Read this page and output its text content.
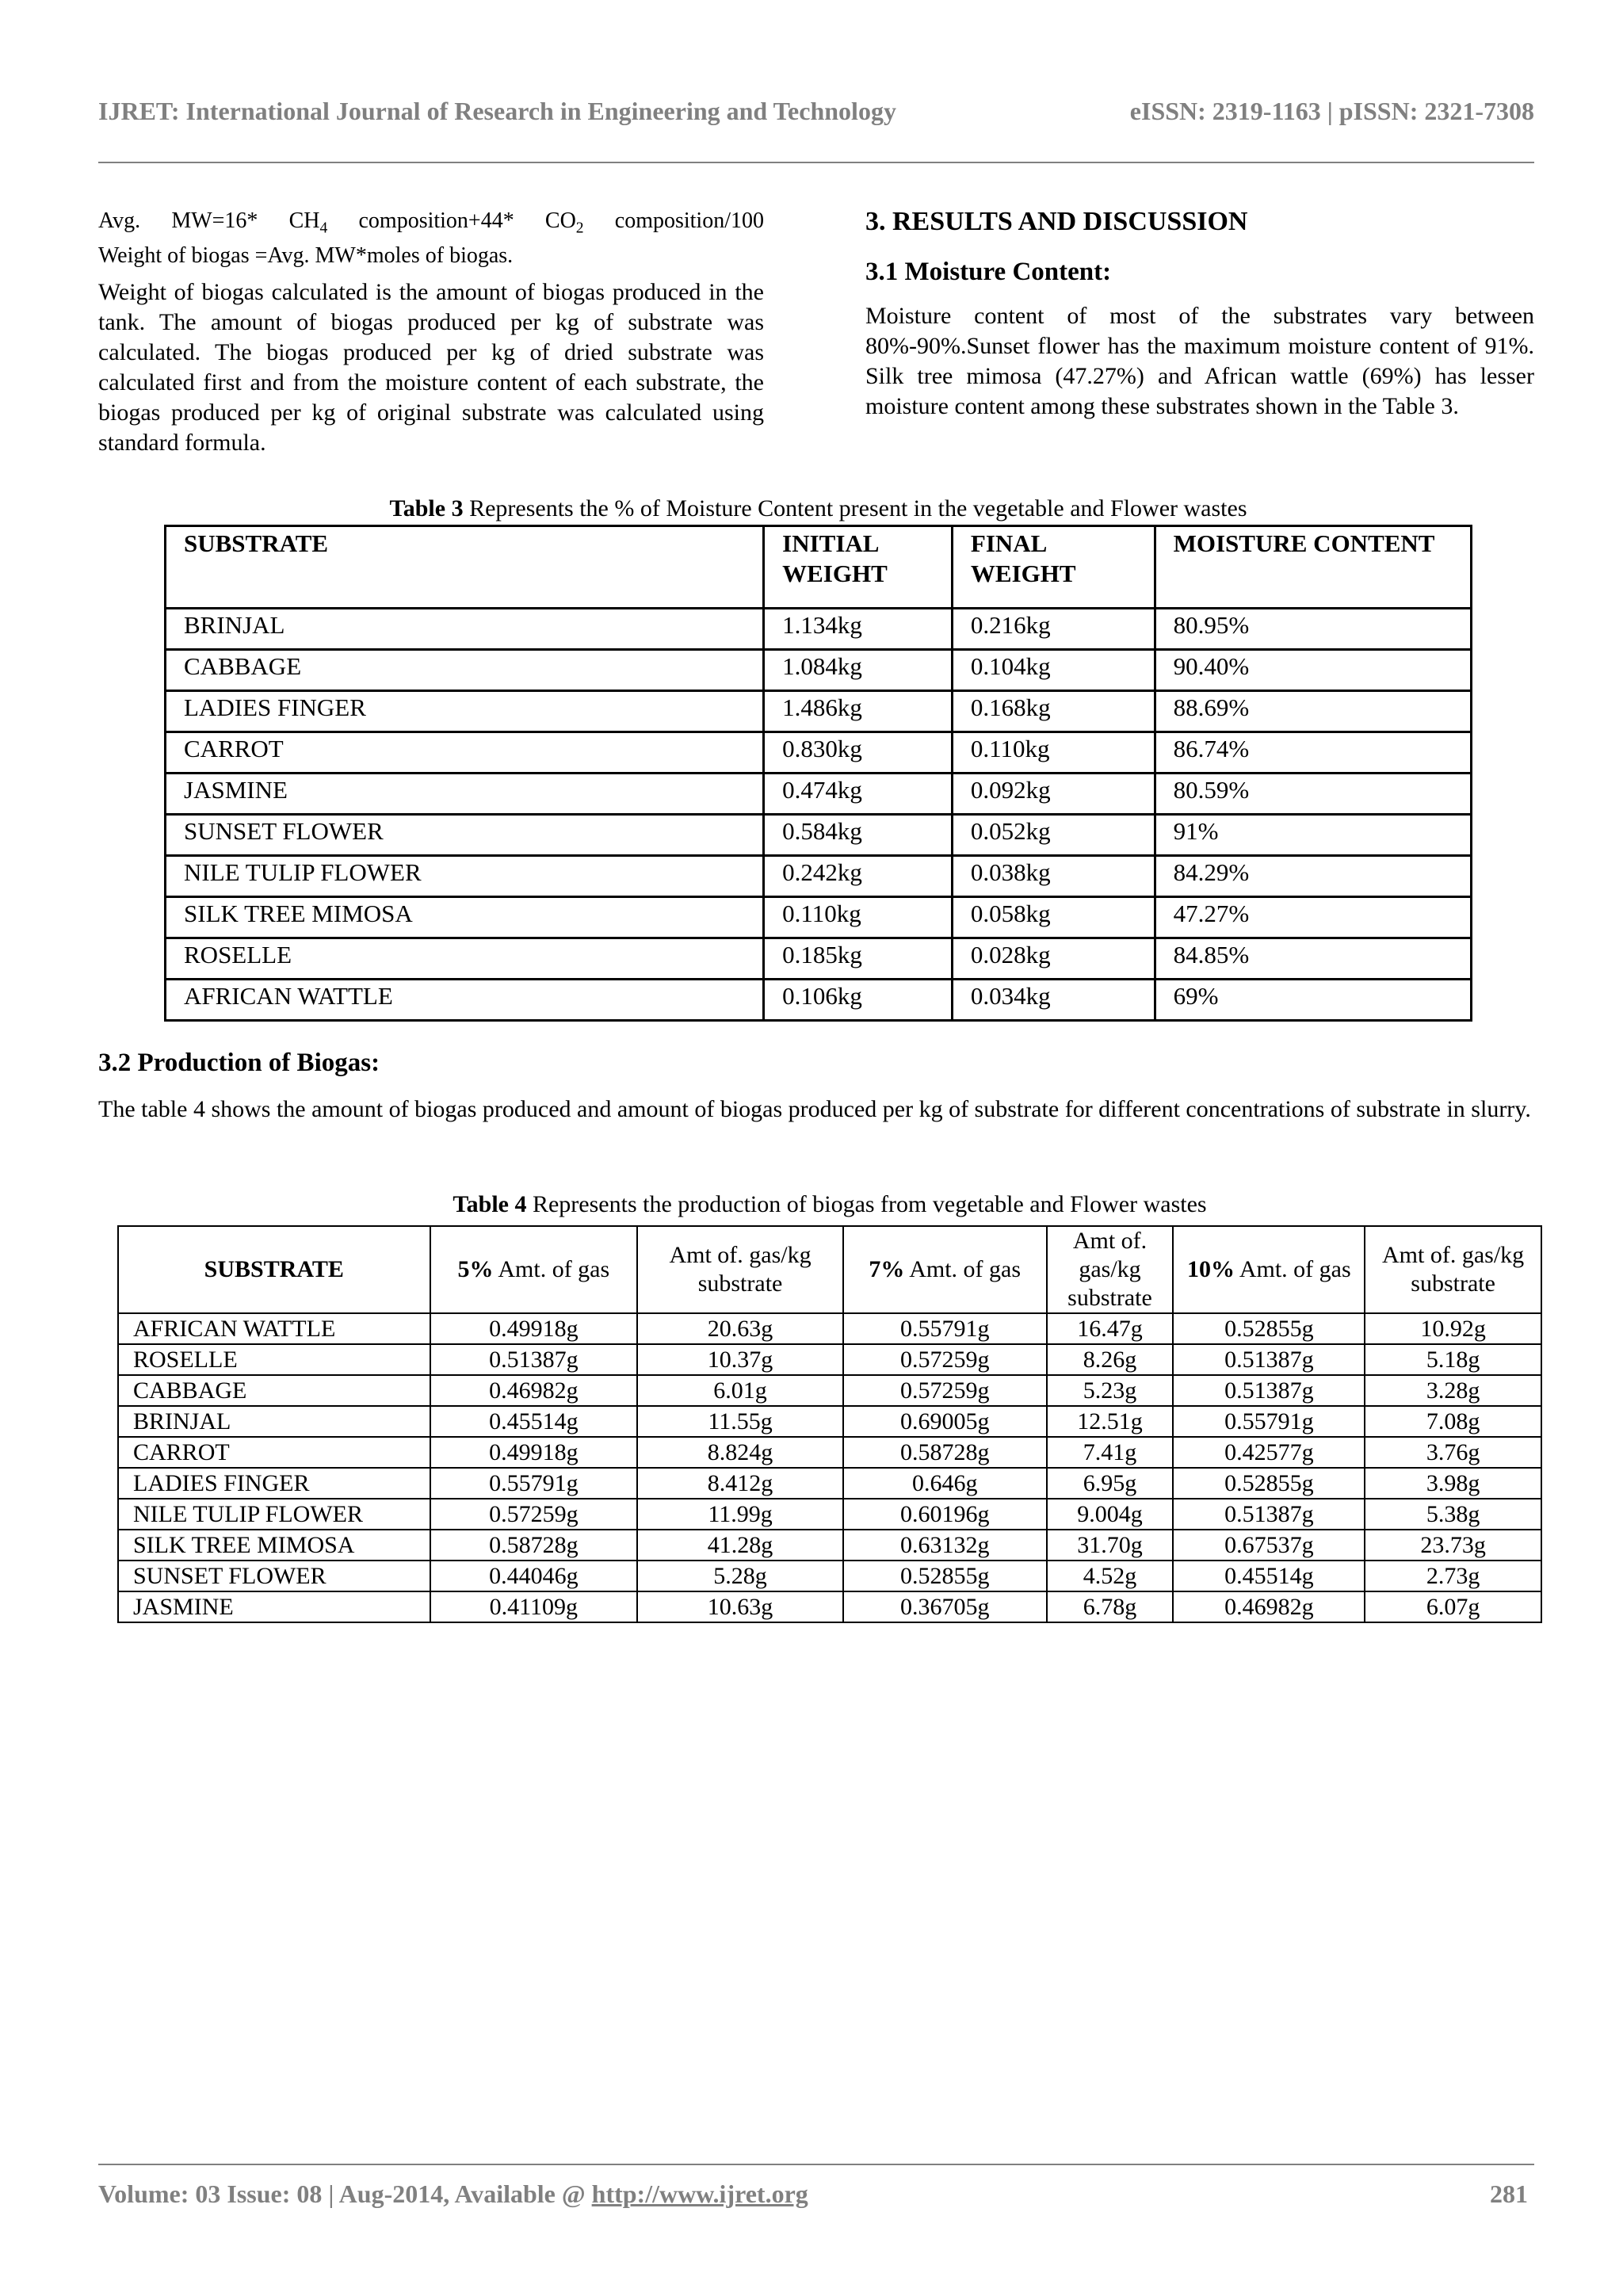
IJRET: International Journal of Research in Engineering and Technology	eISSN: 2319-1163 | pISSN: 2321-7308

Avg. MW=16* $CH_4$ composition+44* $CO_2$ composition/100

Weight of biogas =Avg. MW*moles of biogas.

Weight of biogas calculated is the amount of biogas produced in the tank. The amount of biogas produced per kg of substrate was calculated. The biogas produced per kg of dried substrate was calculated first and from the moisture content of each substrate, the biogas produced per kg of original substrate was calculated using standard formula.

3. RESULTS AND DISCUSSION
3.1 Moisture Content:

Moisture content of most of the substrates vary between 80%-90%.Sunset flower has the maximum moisture content of 91%. Silk tree mimosa (47.27%) and African wattle (69%) has lesser moisture content among these substrates shown in the Table 3.

Table 3 Represents the % of Moisture Content present in the vegetable and Flower wastes
SUBSTRATE	INITIAL WEIGHT	FINAL WEIGHT	MOISTURE CONTENT
BRINJAL	1.134kg	0.216kg	80.95%
CABBAGE	1.084kg	0.104kg	90.40%
LADIES FINGER	1.486kg	0.168kg	88.69%
CARROT	0.830kg	0.110kg	86.74%
JASMINE	0.474kg	0.092kg	80.59%
SUNSET FLOWER	0.584kg	0.052kg	91%
NILE TULIP FLOWER	0.242kg	0.038kg	84.29%
SILK TREE MIMOSA	0.110kg	0.058kg	47.27%
ROSELLE	0.185kg	0.028kg	84.85%
AFRICAN WATTLE	0.106kg	0.034kg	69%
3.2 Production of Biogas:

The table 4 shows the amount of biogas produced and amount of biogas produced per kg of substrate for different concentrations of substrate in slurry.

Table 4 Represents the production of biogas from vegetable and Flower wastes
SUBSTRATE	5% Amt. of gas	Amt of. gas/kg substrate	7% Amt. of gas	Amt of. gas/kg substrate	10% Amt. of gas	Amt of. gas/kg substrate
AFRICAN WATTLE	0.49918g	20.63g	0.55791g	16.47g	0.52855g	10.92g
ROSELLE	0.51387g	10.37g	0.57259g	8.26g	0.51387g	5.18g
CABBAGE	0.46982g	6.01g	0.57259g	5.23g	0.51387g	3.28g
BRINJAL	0.45514g	11.55g	0.69005g	12.51g	0.55791g	7.08g
CARROT	0.49918g	8.824g	0.58728g	7.41g	0.42577g	3.76g
LADIES FINGER	0.55791g	8.412g	0.646g	6.95g	0.52855g	3.98g
NILE TULIP FLOWER	0.57259g	11.99g	0.60196g	9.004g	0.51387g	5.38g
SILK TREE MIMOSA	0.58728g	41.28g	0.63132g	31.70g	0.67537g	23.73g
SUNSET FLOWER	0.44046g	5.28g	0.52855g	4.52g	0.45514g	2.73g
JASMINE	0.41109g	10.63g	0.36705g	6.78g	0.46982g	6.07g
Volume: 03 Issue: 08 | Aug-2014, Available @ http://www.ijret.org	281
